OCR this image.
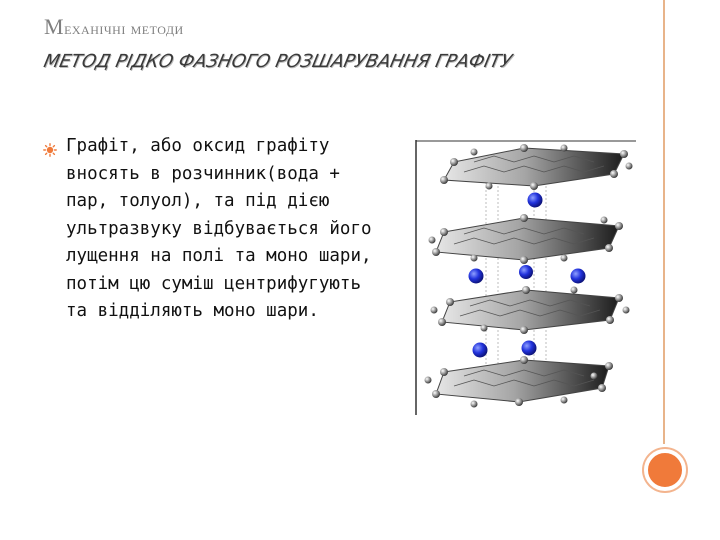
Механічні методи
МЕТОД РІДКО ФАЗНОГО РОЗШАРУВАННЯ ГРАФІТУ
Графіт, або оксид графіту вносять в розчинник(вода + пар, толуол), та під дією ультразвуку відбувається його лущення на полі та моно шари, потім цю суміш центрифугують та відділяють моно шари.
